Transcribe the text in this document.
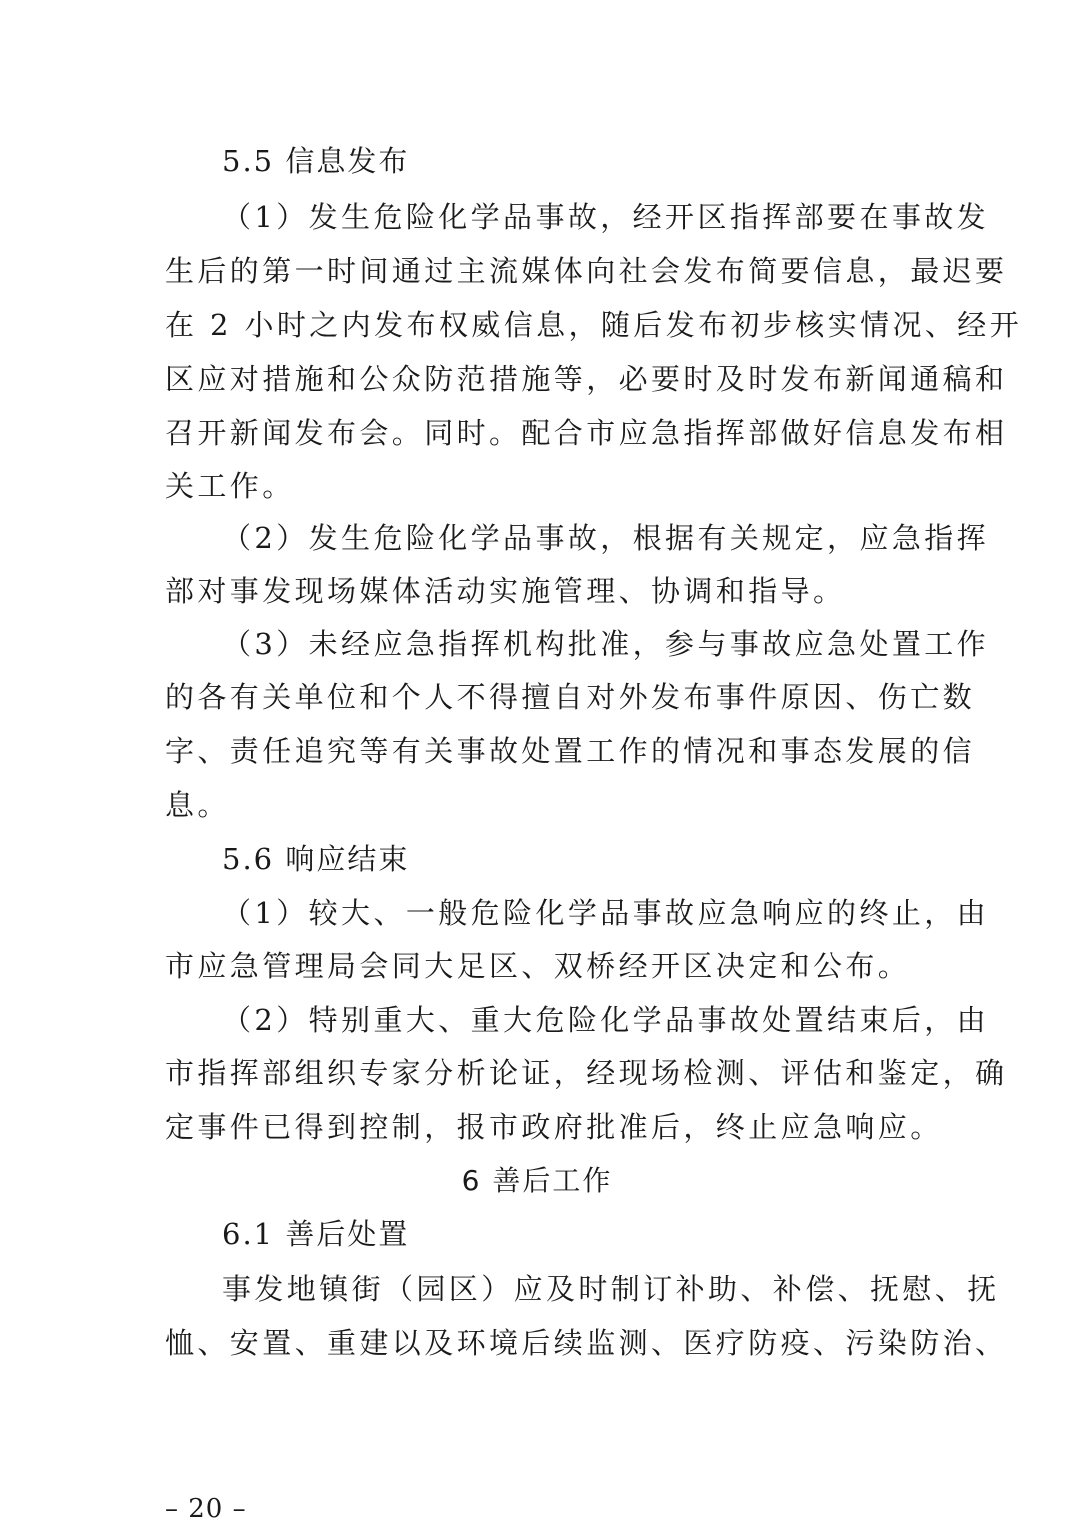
5.5 信息发布
（1）发生危险化学品事故，经开区指挥部要在事故发
生后的第一时间通过主流媒体向社会发布简要信息，最迟要
在 2 小时之内发布权威信息，随后发布初步核实情况、经开
区应对措施和公众防范措施等，必要时及时发布新闻通稿和
召开新闻发布会。同时。配合市应急指挥部做好信息发布相
关工作。
（2）发生危险化学品事故，根据有关规定，应急指挥
部对事发现场媒体活动实施管理、协调和指导。
（3）未经应急指挥机构批准，参与事故应急处置工作
的各有关单位和个人不得擅自对外发布事件原因、伤亡数
字、责任追究等有关事故处置工作的情况和事态发展的信
息。
5.6 响应结束
（1）较大、一般危险化学品事故应急响应的终止，由
市应急管理局会同大足区、双桥经开区决定和公布。
（2）特别重大、重大危险化学品事故处置结束后，由
市指挥部组织专家分析论证，经现场检测、评估和鉴定，确
定事件已得到控制，报市政府批准后，终止应急响应。
6 善后工作
6.1 善后处置
事发地镇街（园区）应及时制订补助、补偿、抚慰、抚
恤、安置、重建以及环境后续监测、医疗防疫、污染防治、
– 20 –
